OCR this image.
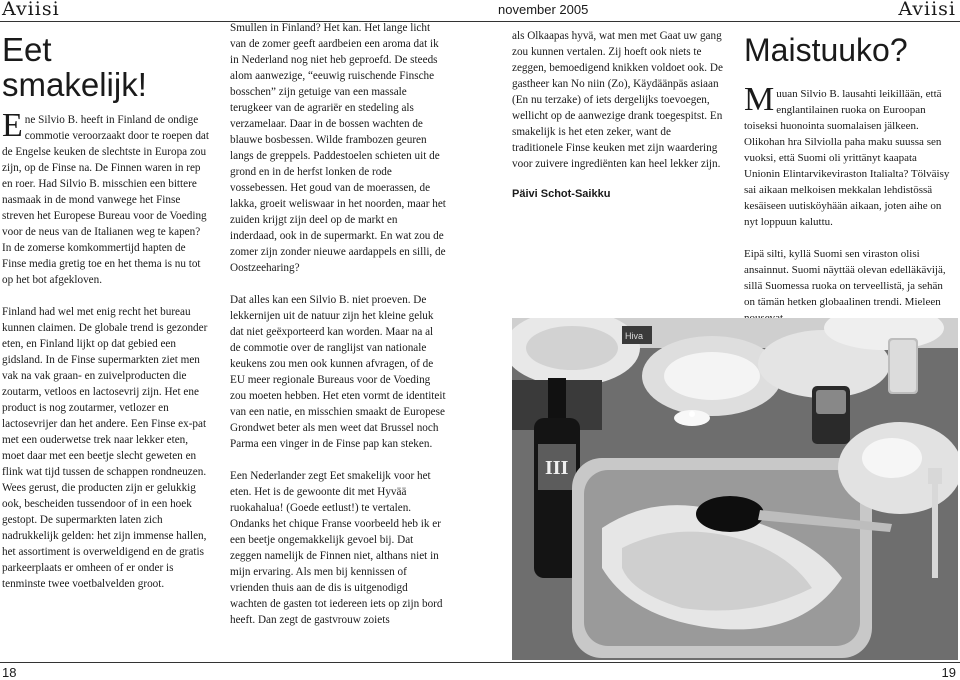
Aviisi	november 2005	Aviisi
Eet
smakelijk!

Ene Silvio B. heeft in Finland de ondige commotie veroorzaakt door te roepen dat de Engelse keuken de slechtste in Europa zou zijn, op de Finse na. De Finnen waren in rep en roer. Had Silvio B. misschien een bittere nasmaak in de mond vanwege het Finse streven het Europese Bureau voor de Voeding voor de neus van de Italianen weg te kapen? In de zomerse komkommertijd hapten de Finse media gretig toe en het thema is nu tot op het bot afgekloven.

Finland had wel met enig recht het bureau kunnen claimen. De globale trend is gezonder eten, en Finland lijkt op dat gebied een gidsland. In de Finse supermarkten ziet men vak na vak graan- en zuivelproducten die zoutarm, vetloos en lactosevrij zijn. Het ene product is nog zoutarmer, vetlozer en lactosevrijer dan het andere. Een Finse ex-pat met een ouderwetse trek naar lekker eten, moet daar met een beetje slecht geweten en flink wat tijd tussen de schappen rondneuzen. Wees gerust, die producten zijn er gelukkig ook, bescheiden tussendoor of in een hoek gestopt. De supermarkten laten zich nadrukkelijk gelden: het zijn immense hallen, het assortiment is overweldigend en de gratis parkeerplaats er omheen of er onder is tenminste twee voetbalvelden groot.

Smullen in Finland? Het kan. Het lange licht van de zomer geeft aardbeien een aroma dat ik in Nederland nog niet heb geproefd. De steeds alom aanwezige, “eeuwig ruischende Finsche bosschen” zijn getuige van een massale terugkeer van de agrariër en stedeling als verzamelaar. Daar in de bossen wachten de blauwe bosbessen. Wilde frambozen geuren langs de greppels. Paddestoelen schieten uit de grond en in de herfst lonken de rode vossebessen. Het goud van de moerassen, de lakka, groeit weliswaar in het noorden, maar het zuiden krijgt zijn deel op de markt en inderdaad, ook in de supermarkt. En wat zou de zomer zijn zonder nieuwe aardappels en silli, de Oostzeeharing?

Dat alles kan een Silvio B. niet proeven. De lekkernijen uit de natuur zijn het kleine geluk dat niet geëxporteerd kan worden. Maar na al de commotie over de ranglijst van nationale keukens zou men ook kunnen afvragen, of de EU meer regionale Bureaus voor de Voeding zou moeten hebben. Het eten vormt de identiteit van een natie, en misschien smaakt de Europese Grondwet beter als men weet dat Brussel noch Parma een vinger in de Finse pap kan steken.

Een Nederlander zegt Eet smakelijk voor het eten. Het is de gewoonte dit met Hyvää ruokahalua! (Goede eetlust!) te vertalen. Ondanks het chique Franse voorbeeld heb ik er een beetje ongemakkelijk gevoel bij. Dat zeggen namelijk de Finnen niet, althans niet in mijn ervaring. Als men bij kennissen of vrienden thuis aan de dis is uitgenodigd wachten de gasten tot iedereen iets op zijn bord heeft. Dan zegt de gastvrouw zoiets

als Olkaapas hyvä, wat men met Gaat uw gang zou kunnen vertalen. Zij hoeft ook niets te zeggen, bemoedigend knikken voldoet ook. De gastheer kan No niin (Zo), Käydäänpäs asiaan (En nu terzake) of iets dergelijks toevoegen, wellicht op de aanwezige drank toegespitst. En smakelijk is het eten zeker, want de traditionele Finse keuken met zijn waardering voor zuivere ingrediënten kan heel lekker zijn.

Päivi Schot-Saikku

Maistuuko?

Muuan Silvio B. lausahti leikillään, että englantilainen ruoka on Euroopan toiseksi huonointa suomalaisen jälkeen. Olikohan hra Silviolla paha maku suussa sen vuoksi, että Suomi oli yrittänyt kaapata Unionin Elintarvikeviraston Italialta? Tölväisy sai aikaan melkoisen mekkalan lehdistössä kesäiseen uutisköyhään aikaan, joten aihe on nyt loppuun kaluttu.

Eipä silti, kyllä Suomi sen viraston olisi ansainnut. Suomi näyttää olevan edelläkävijä, sillä Suomessa ruoka on terveellistä, ja sehän on tämän hetken globaalinen trendi. Mieleen

Hiva
III
18	19
